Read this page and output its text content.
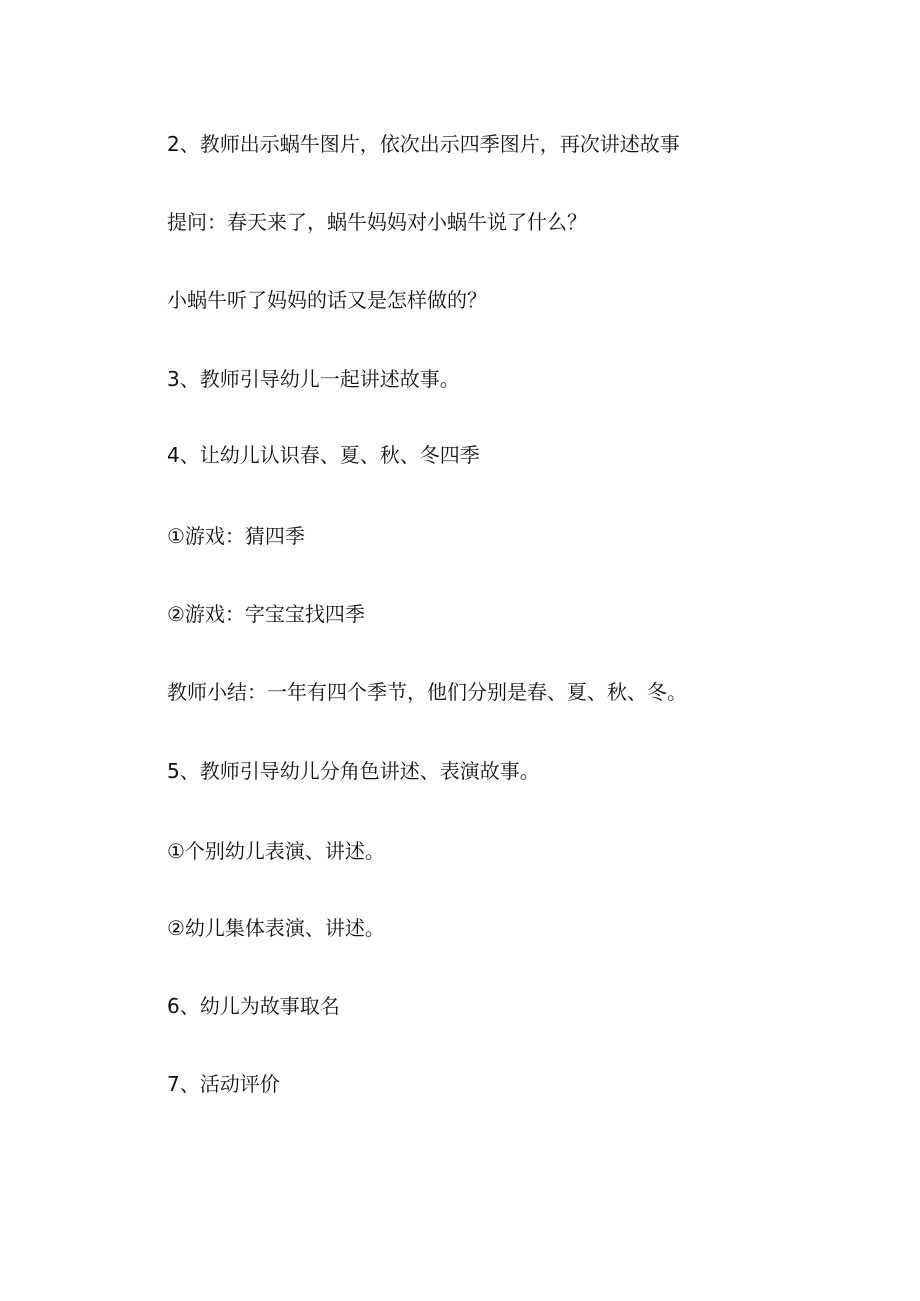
2、教师出示蜗牛图片，依次出示四季图片，再次讲述故事

提问：春天来了，蜗牛妈妈对小蜗牛说了什么？

小蜗牛听了妈妈的话又是怎样做的？

3、教师引导幼儿一起讲述故事。

4、让幼儿认识春、夏、秋、冬四季

①游戏：猜四季

②游戏：字宝宝找四季

教师小结：一年有四个季节，他们分别是春、夏、秋、冬。

5、教师引导幼儿分角色讲述、表演故事。

①个别幼儿表演、讲述。

②幼儿集体表演、讲述。

6、幼儿为故事取名

7、活动评价
